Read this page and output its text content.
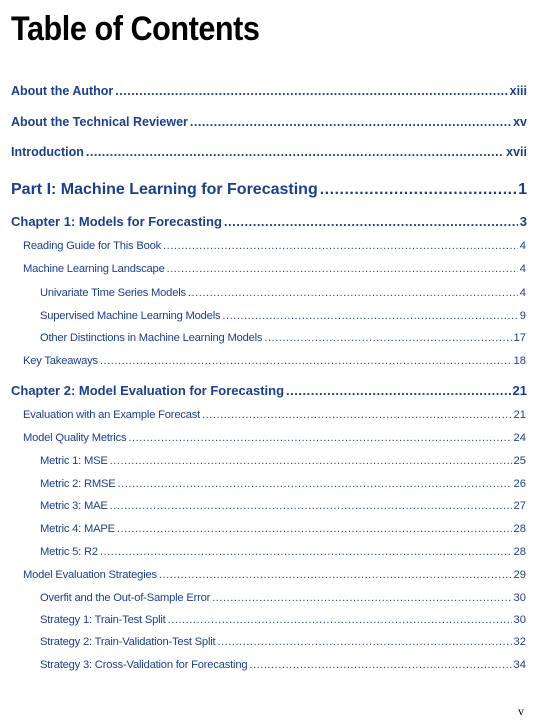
Table of Contents
About the Author .....	xiii
About the Technical Reviewer .....	xv
Introduction .....	xvii
Part I: Machine Learning for Forecasting .....	1
Chapter 1: Models for Forecasting .....	3
Reading Guide for This Book .....	4
Machine Learning Landscape .....	4
Univariate Time Series Models .....	4
Supervised Machine Learning Models .....	9
Other Distinctions in Machine Learning Models .....	17
Key Takeaways .....	18
Chapter 2: Model Evaluation for Forecasting .....	21
Evaluation with an Example Forecast .....	21
Model Quality Metrics .....	24
Metric 1: MSE .....	25
Metric 2: RMSE .....	26
Metric 3: MAE .....	27
Metric 4: MAPE .....	28
Metric 5: R2 .....	28
Model Evaluation Strategies .....	29
Overfit and the Out-of-Sample Error .....	30
Strategy 1: Train-Test Split .....	30
Strategy 2: Train-Validation-Test Split .....	32
Strategy 3: Cross-Validation for Forecasting .....	34

v
